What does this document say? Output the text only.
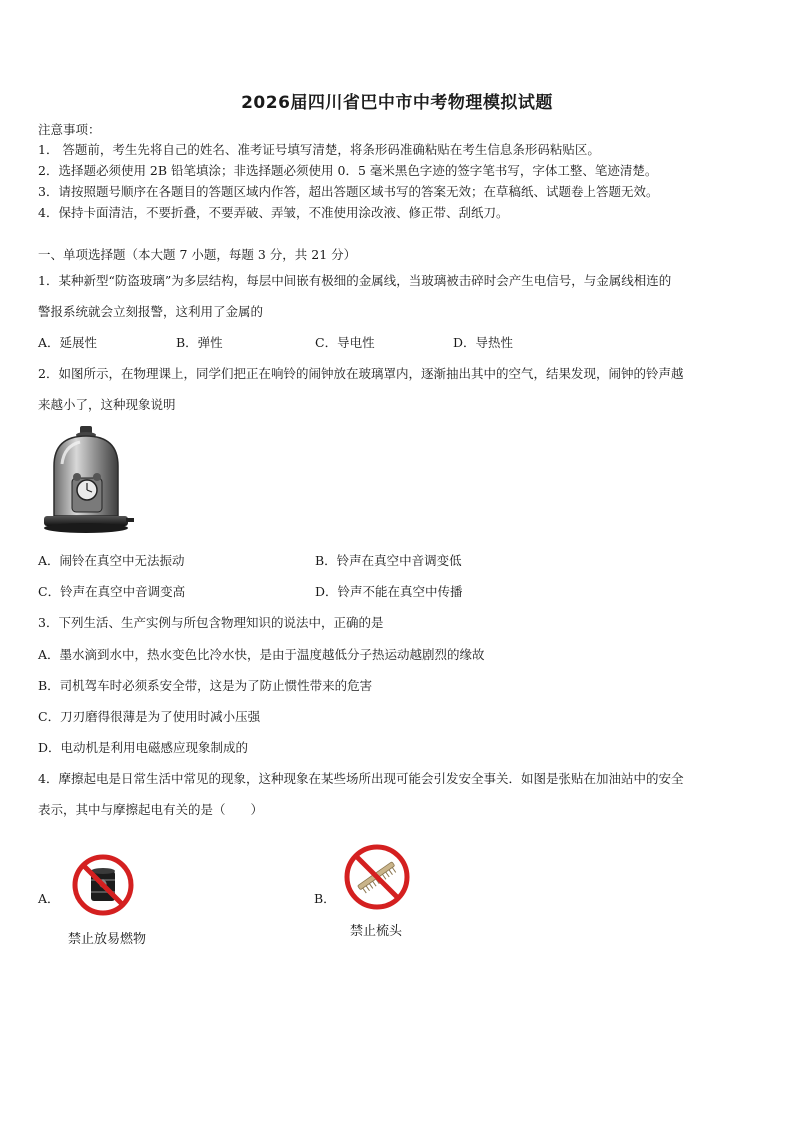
2026届四川省巴中市中考物理模拟试题
注意事项：
1． 答题前，考生先将自己的姓名、准考证号填写清楚，将条形码准确粘贴在考生信息条形码粘贴区。
2．选择题必须使用 2B 铅笔填涂；非选择题必须使用 0．5 毫米黑色字迹的签字笔书写，字体工整、笔迹清楚。
3．请按照题号顺序在各题目的答题区域内作答，超出答题区域书写的答案无效；在草稿纸、试题卷上答题无效。
4．保持卡面清洁，不要折叠，不要弄破、弄皱，不准使用涂改液、修正带、刮纸刀。
一、单项选择题（本大题 7 小题，每题 3 分，共 21 分）
1．某种新型“防盗玻璃”为多层结构，每层中间嵌有极细的金属线，当玻璃被击碎时会产生电信号，与金属线相连的
警报系统就会立刻报警，这利用了金属的
A．延展性	B．弹性	C．导电性	D．导热性
2．如图所示，在物理课上，同学们把正在响铃的闹钟放在玻璃罩内，逐渐抽出其中的空气，结果发现，闹钟的铃声越
来越小了，这种现象说明
A．闹铃在真空中无法振动	B．铃声在真空中音调变低
C．铃声在真空中音调变高	D．铃声不能在真空中传播
3．下列生活、生产实例与所包含物理知识的说法中，正确的是
A．墨水滴到水中，热水变色比冷水快，是由于温度越低分子热运动越剧烈的缘故
B．司机驾车时必须系安全带，这是为了防止惯性带来的危害
C．刀刃磨得很薄是为了使用时减小压强
D．电动机是利用电磁感应现象制成的
4．摩擦起电是日常生活中常见的现象，这种现象在某些场所出现可能会引发安全事关．如图是张贴在加油站中的安全
表示，其中与摩擦起电有关的是（　　）
A．
禁止放易燃物
B．
禁止梳头
